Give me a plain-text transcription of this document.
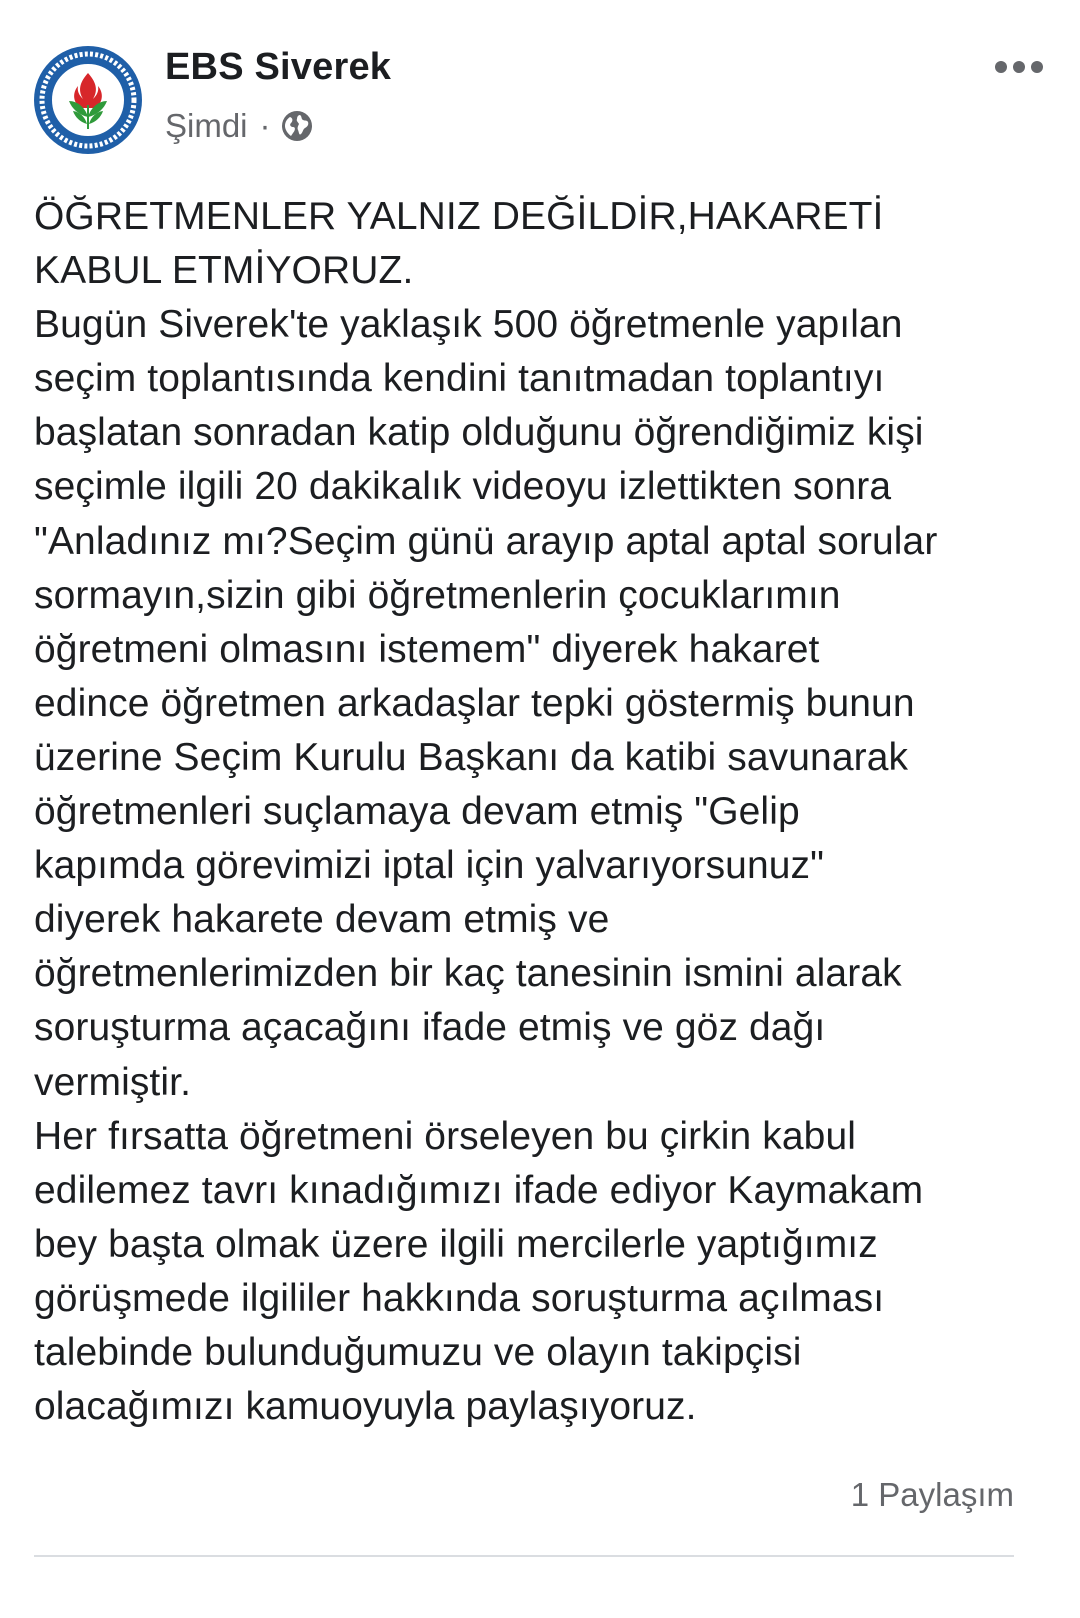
EBS Siverek
Şimdi ·
ÖĞRETMENLER YALNIZ DEĞİLDİR,HAKARETİ
KABUL ETMİYORUZ.
Bugün Siverek'te yaklaşık 500 öğretmenle yapılan
seçim toplantısında kendini tanıtmadan toplantıyı
başlatan sonradan katip olduğunu öğrendiğimiz kişi
seçimle ilgili 20 dakikalık videoyu izlettikten sonra
"Anladınız mı?Seçim günü arayıp aptal aptal sorular
sormayın,sizin gibi öğretmenlerin çocuklarımın
öğretmeni olmasını istemem" diyerek hakaret
edince öğretmen arkadaşlar tepki göstermiş bunun
üzerine Seçim Kurulu Başkanı da katibi savunarak
öğretmenleri suçlamaya devam etmiş "Gelip
kapımda görevimizi iptal için yalvarıyorsunuz"
diyerek hakarete devam etmiş ve
öğretmenlerimizden bir kaç tanesinin ismini alarak
soruşturma açacağını ifade etmiş ve göz dağı
vermiştir.
Her fırsatta öğretmeni örseleyen bu çirkin kabul
edilemez tavrı kınadığımızı ifade ediyor Kaymakam
bey başta olmak üzere ilgili mercilerle yaptığımız
görüşmede ilgililer hakkında soruşturma açılması
talebinde bulunduğumuzu ve olayın takipçisi
olacağımızı kamuoyuyla paylaşıyoruz.
1 Paylaşım
